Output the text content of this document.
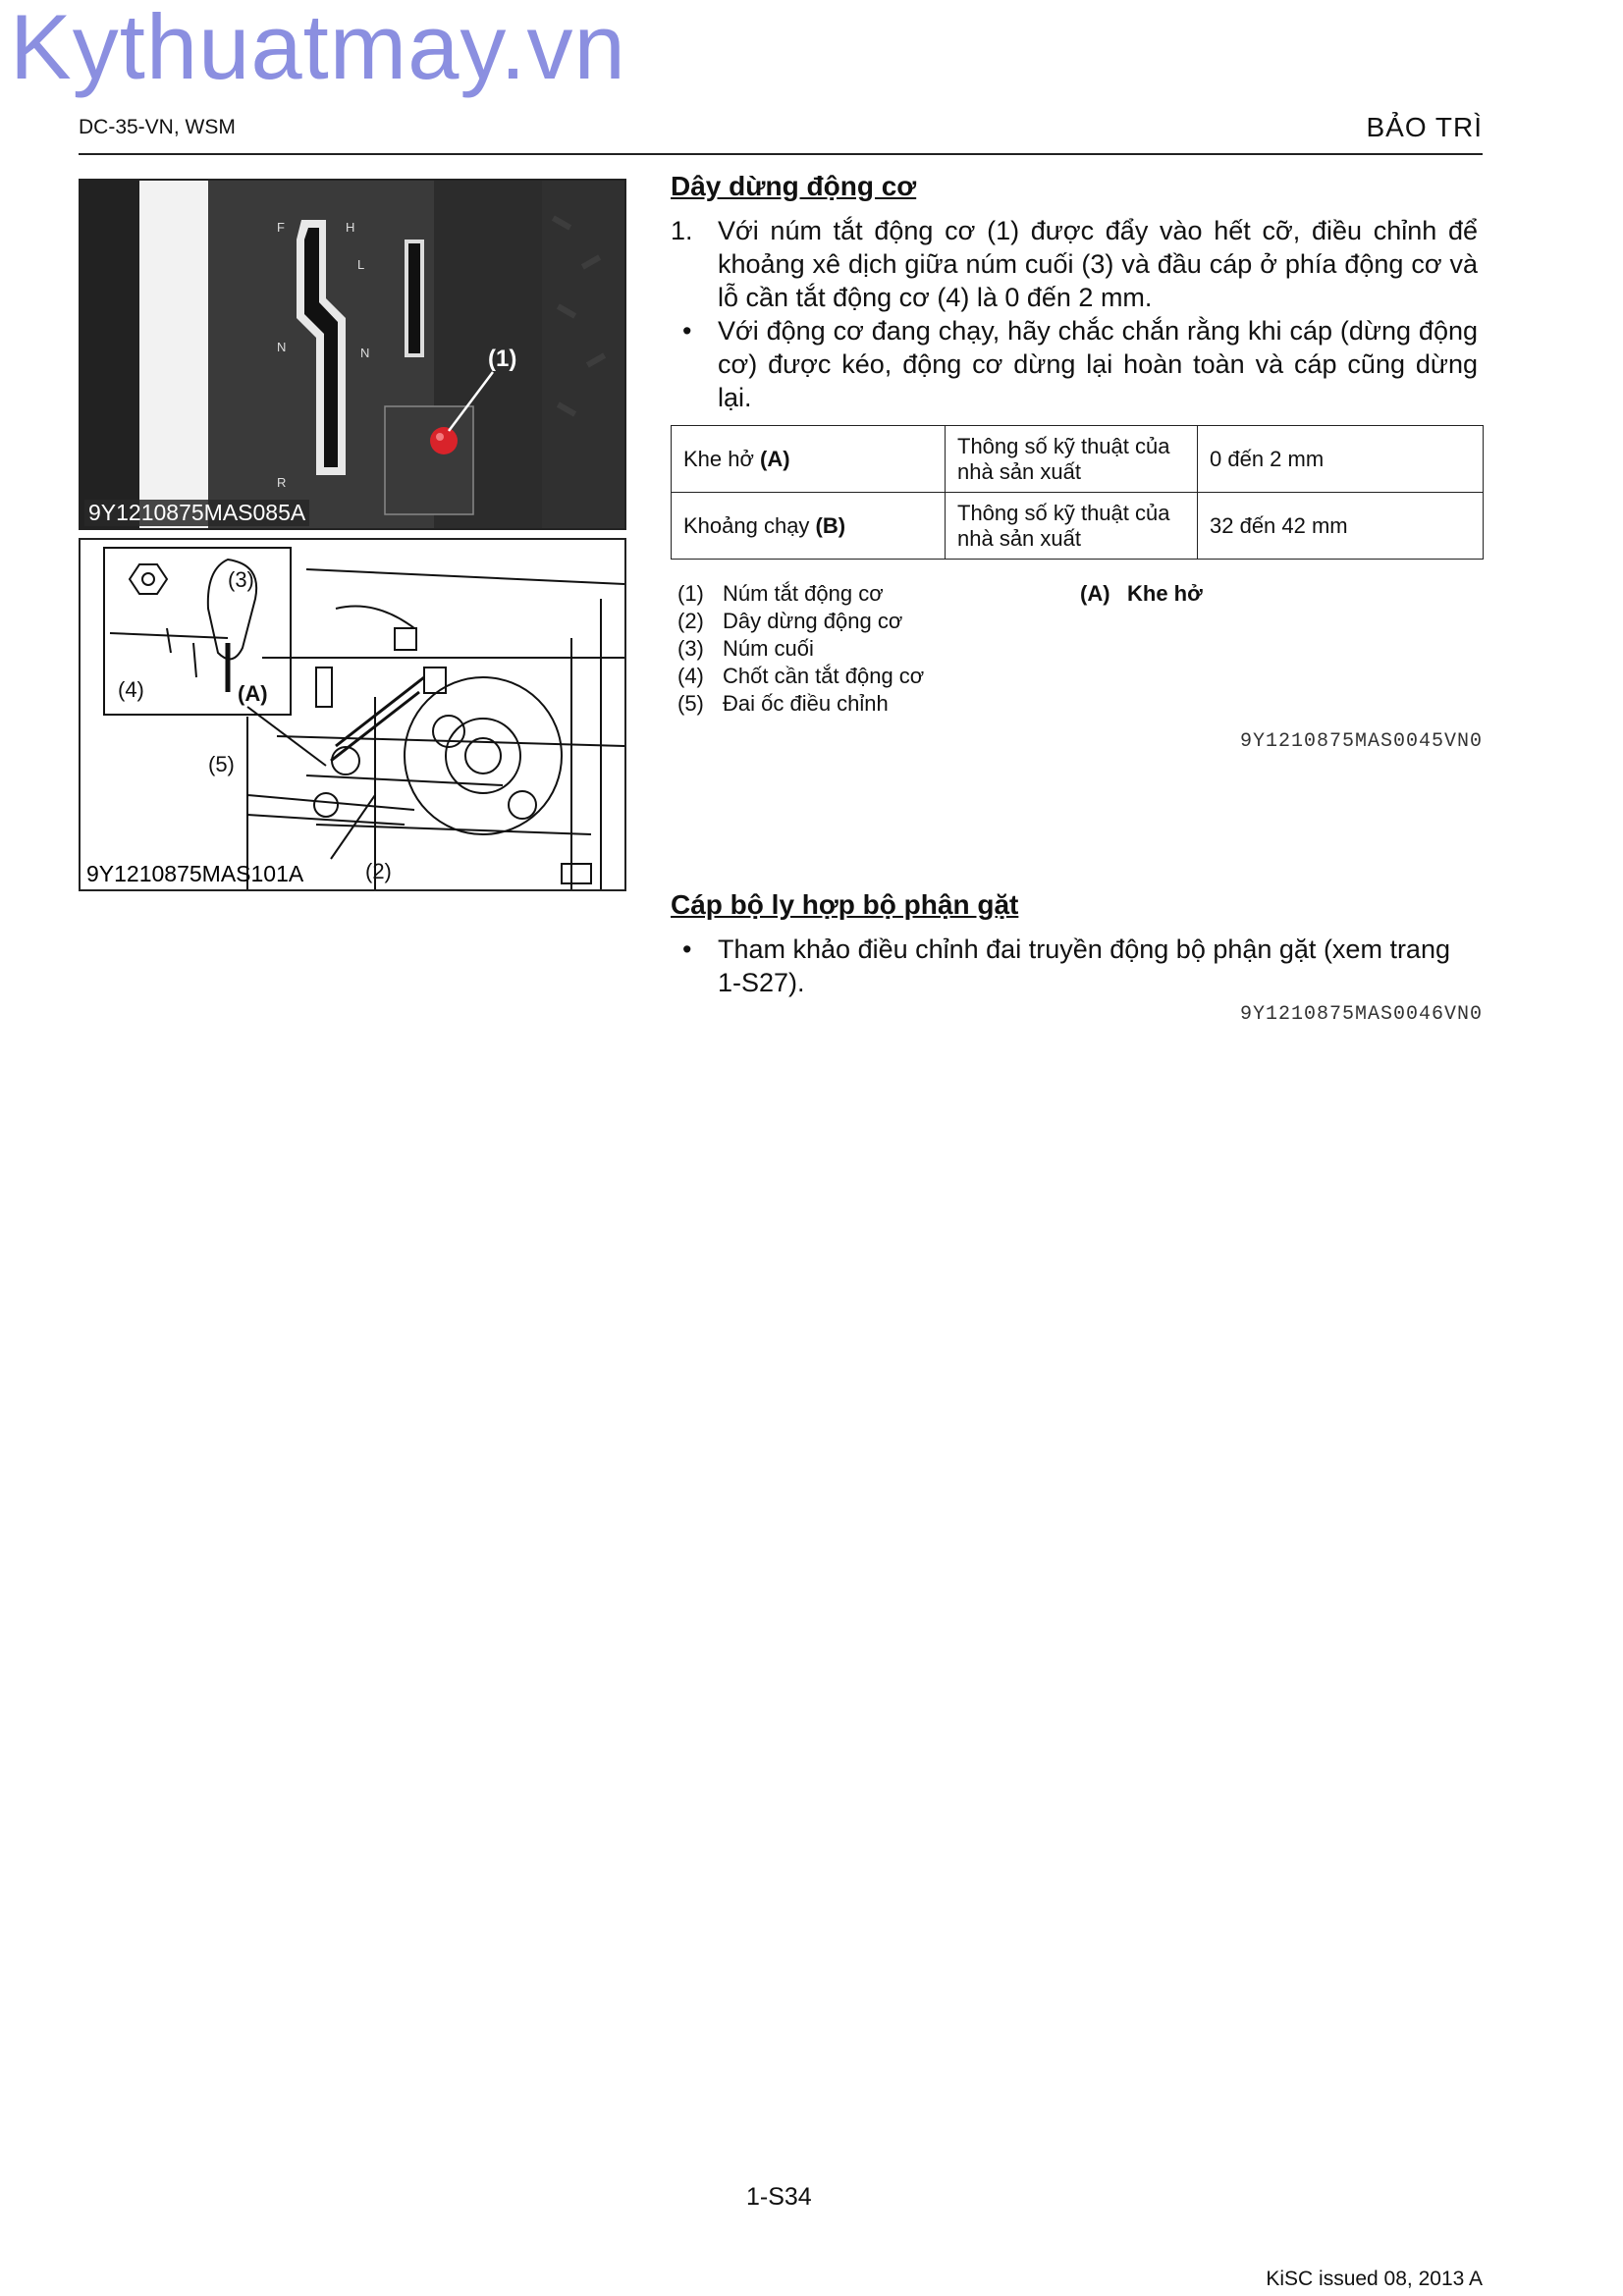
Kythuatmay.vn
DC-35-VN, WSM	BẢO TRÌ
F	H
L
N	N
R
(1)
9Y1210875MAS085A
(3)
(4)	(A)
(5)
(2)
9Y1210875MAS101A
Dây dừng động cơ
1. Với núm tắt động cơ (1) được đẩy vào hết cỡ, điều chỉnh để khoảng xê dịch giữa núm cuối (3) và đầu cáp ở phía động cơ và lỗ cần tắt động cơ (4) là 0 đến 2 mm.
• Với động cơ đang chạy, hãy chắc chắn rằng khi cáp (dừng động cơ) được kéo, động cơ dừng lại hoàn toàn và cáp cũng dừng lại.
Khe hở (A)	Thông số kỹ thuật của nhà sản xuất	0 đến 2 mm
Khoảng chạy (B)	Thông số kỹ thuật của nhà sản xuất	32 đến 42 mm
(1) Núm tắt động cơ
(2) Dây dừng động cơ
(3) Núm cuối
(4) Chốt cần tắt động cơ
(5) Đai ốc điều chỉnh
(A) Khe hở
9Y1210875MAS0045VN0
Cáp bộ ly hợp bộ phận gặt
• Tham khảo điều chỉnh đai truyền động bộ phận gặt (xem trang 1-S27).
9Y1210875MAS0046VN0
1-S34
KiSC issued 08, 2013 A
